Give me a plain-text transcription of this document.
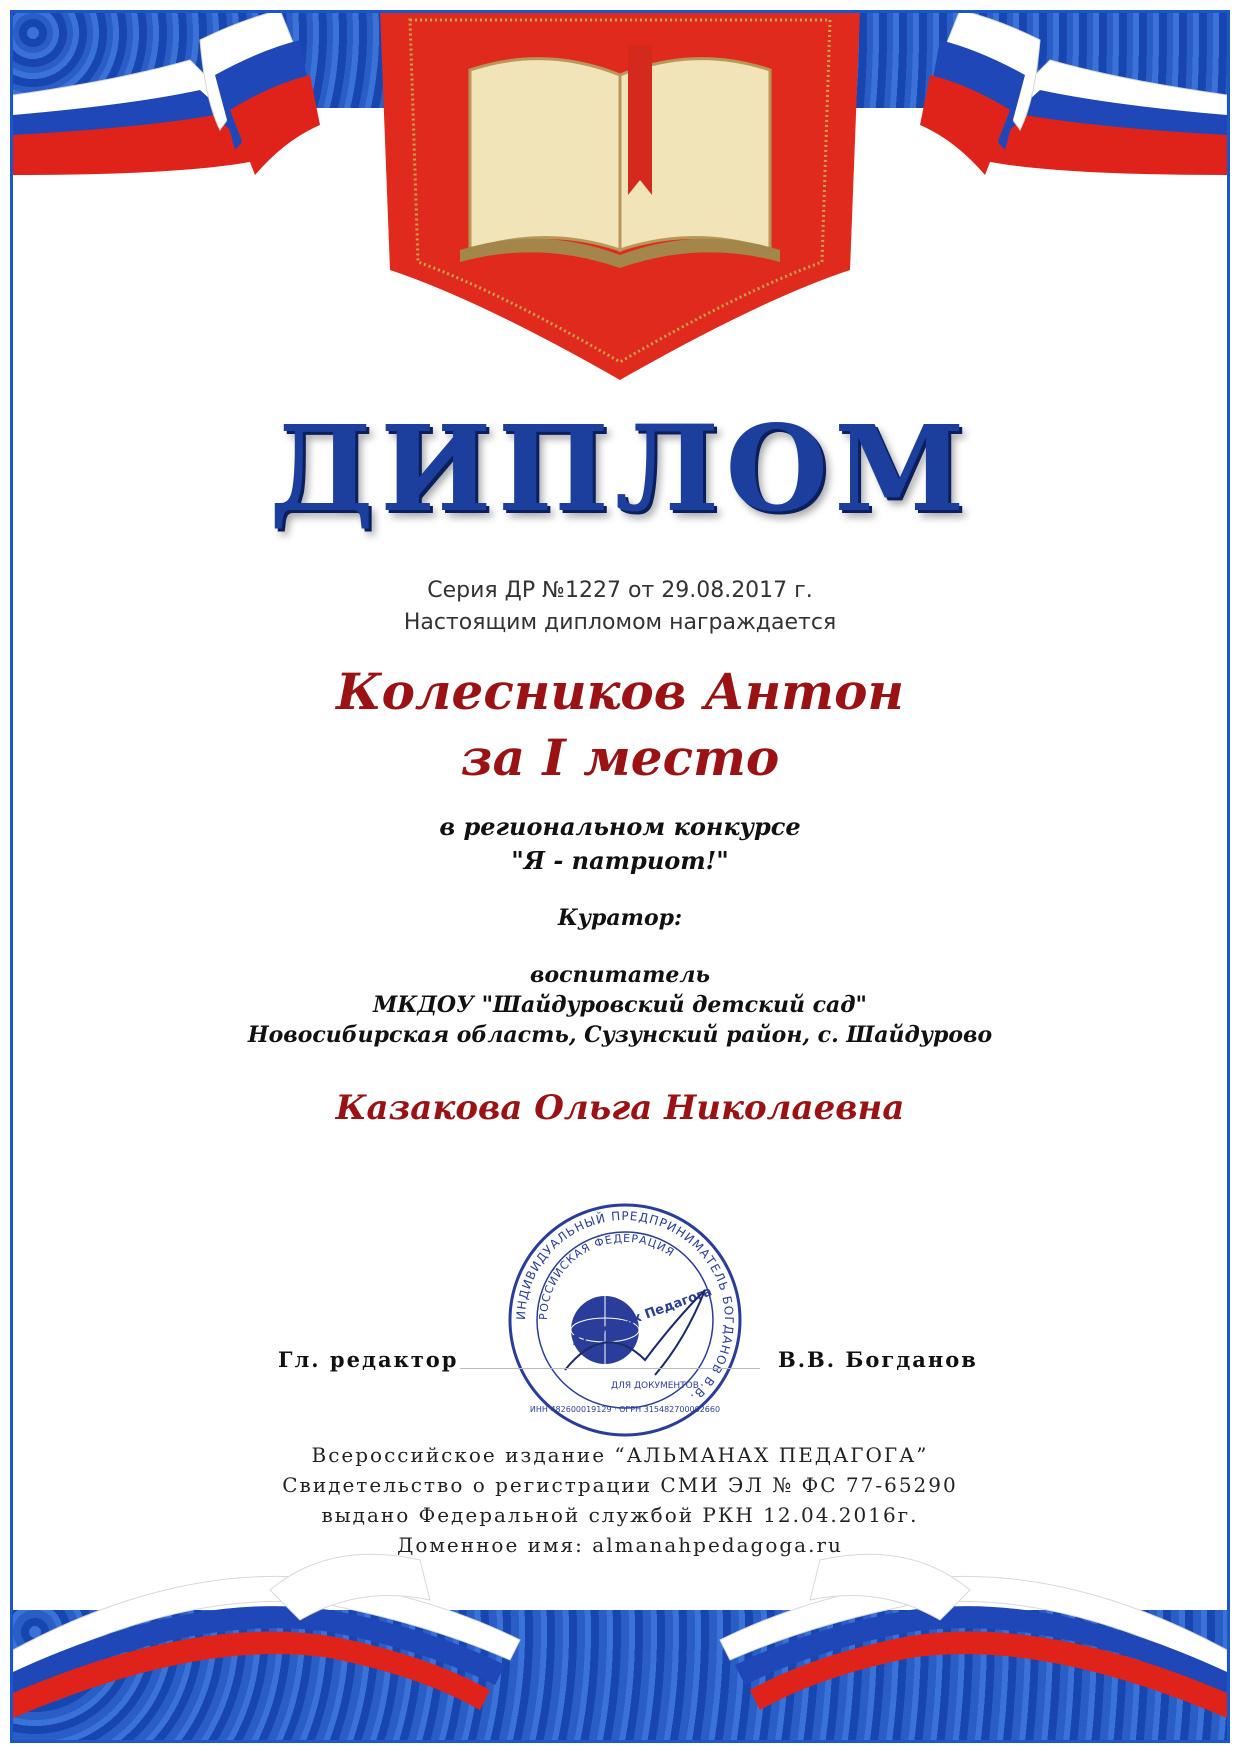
ДИПЛОМ
Серия ДР №1227 от 29.08.2017 г.
Настоящим дипломом награждается
Колесников Антон
за I место
в региональном конкурсе
"Я - патриот!"
Куратор:
воспитатель
МКДОУ "Шайдуровский детский сад"
Новосибирская область, Сузунский район, с. Шайдурово
Казакова Ольга Николаевна
ИНДИВИДУАЛЬНЫЙ ПРЕДПРИНИМАТЕЛЬ БОГДАНОВ В.В.
РОССИЙСКАЯ ФЕДЕРАЦИЯ
Альманах Педагога
ДЛЯ ДОКУМЕНТОВ
ИНН 482600019129 · ОГРН 315482700002660
Гл. редактор	В.В. Богданов
Всероссийское издание “АЛЬМАНАХ ПЕДАГОГА”
Свидетельство о регистрации СМИ ЭЛ № ФС 77-65290
выдано Федеральной службой РКН 12.04.2016г.
Доменное имя: almanahpedagoga.ru
